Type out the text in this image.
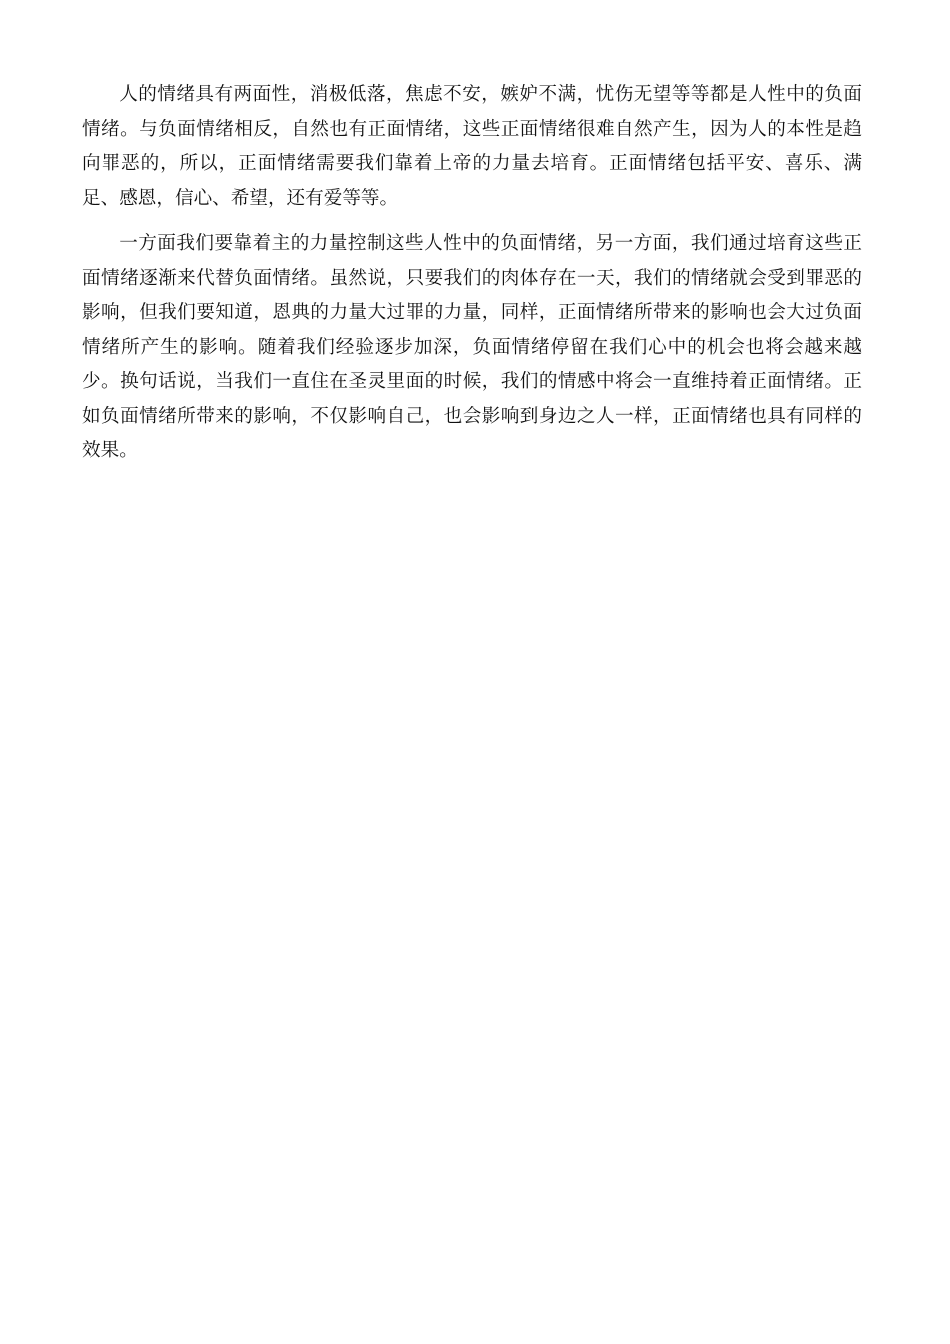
人的情绪具有两面性，消极低落，焦虑不安，嫉妒不满，忧伤无望等等都是人性中的负面情绪。与负面情绪相反，自然也有正面情绪，这些正面情绪很难自然产生，因为人的本性是趋向罪恶的，所以，正面情绪需要我们靠着上帝的力量去培育。正面情绪包括平安、喜乐、满足、感恩，信心、希望，还有爱等等。

一方面我们要靠着主的力量控制这些人性中的负面情绪，另一方面，我们通过培育这些正面情绪逐渐来代替负面情绪。虽然说，只要我们的肉体存在一天，我们的情绪就会受到罪恶的影响，但我们要知道，恩典的力量大过罪的力量，同样，正面情绪所带来的影响也会大过负面情绪所产生的影响。随着我们经验逐步加深，负面情绪停留在我们心中的机会也将会越来越少。换句话说，当我们一直住在圣灵里面的时候，我们的情感中将会一直维持着正面情绪。正如负面情绪所带来的影响，不仅影响自己，也会影响到身边之人一样，正面情绪也具有同样的效果。
